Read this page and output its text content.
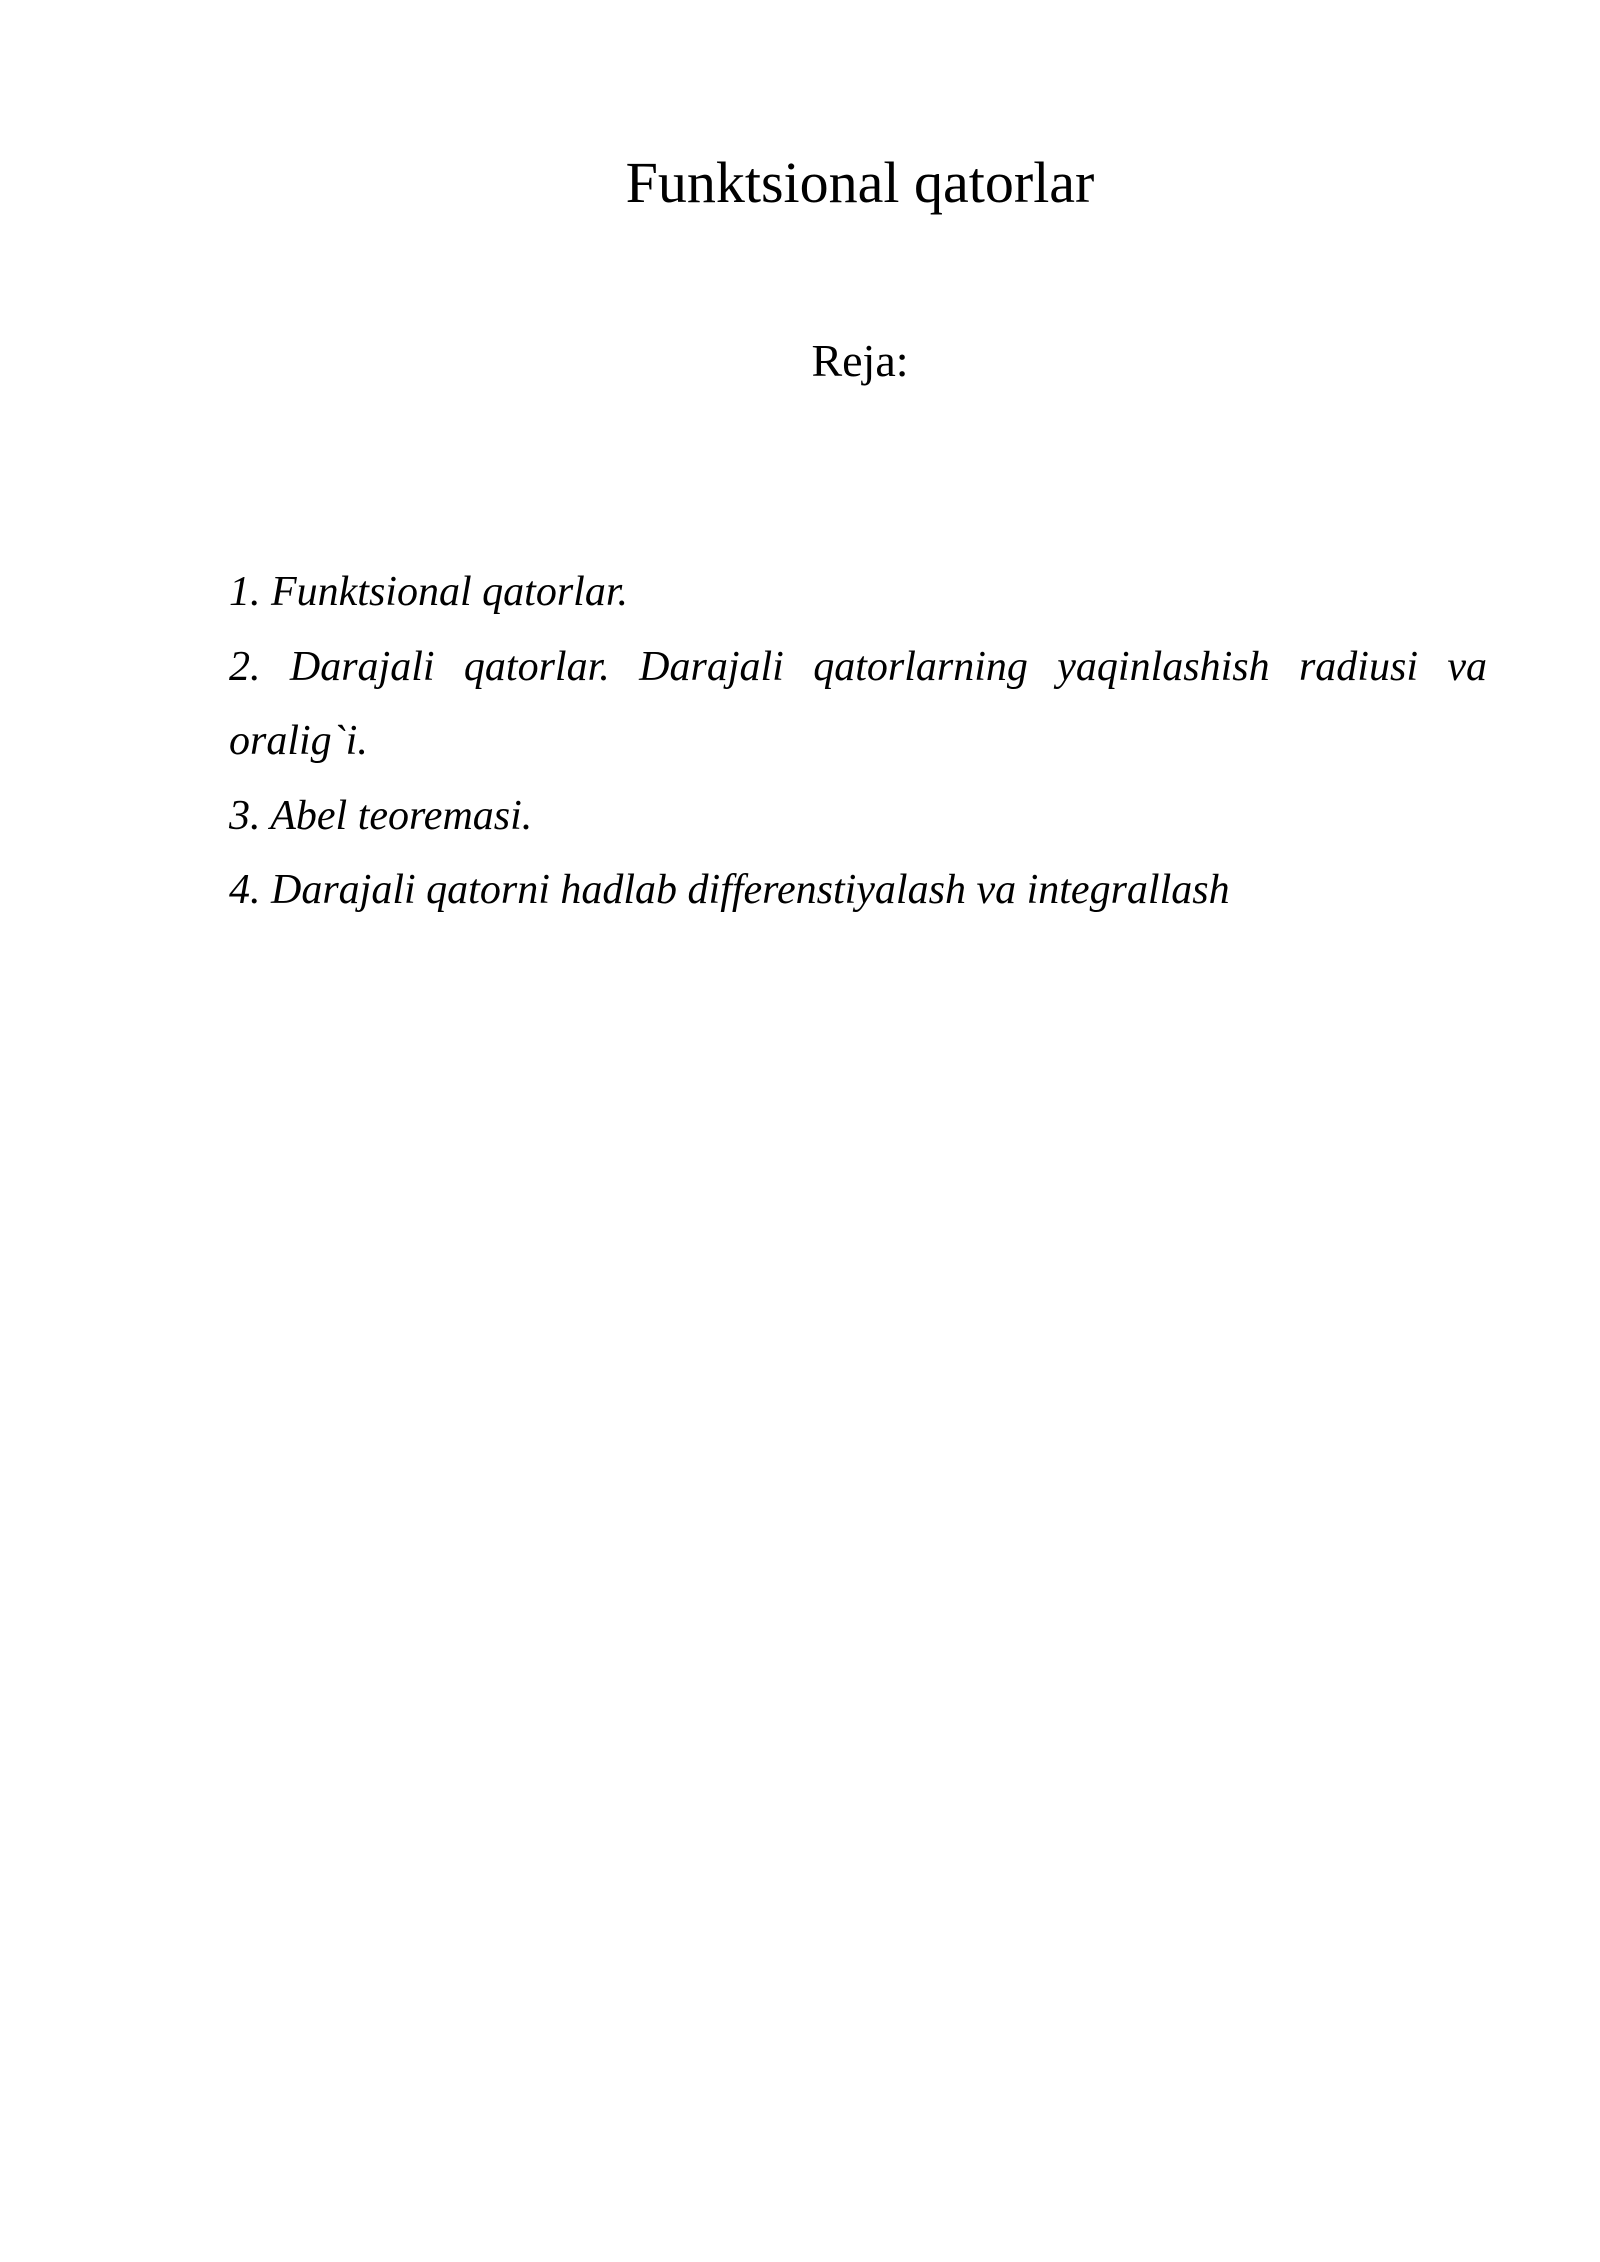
Funktsional qatorlar
Reja:
1. Funktsional qatorlar.
2. Darajali qatorlar. Darajali qatorlarning yaqinlashish radiusi va oralig`i.
3. Abel teoremasi.
4. Darajali qatorni hadlab differenstiyalash va integrallash
